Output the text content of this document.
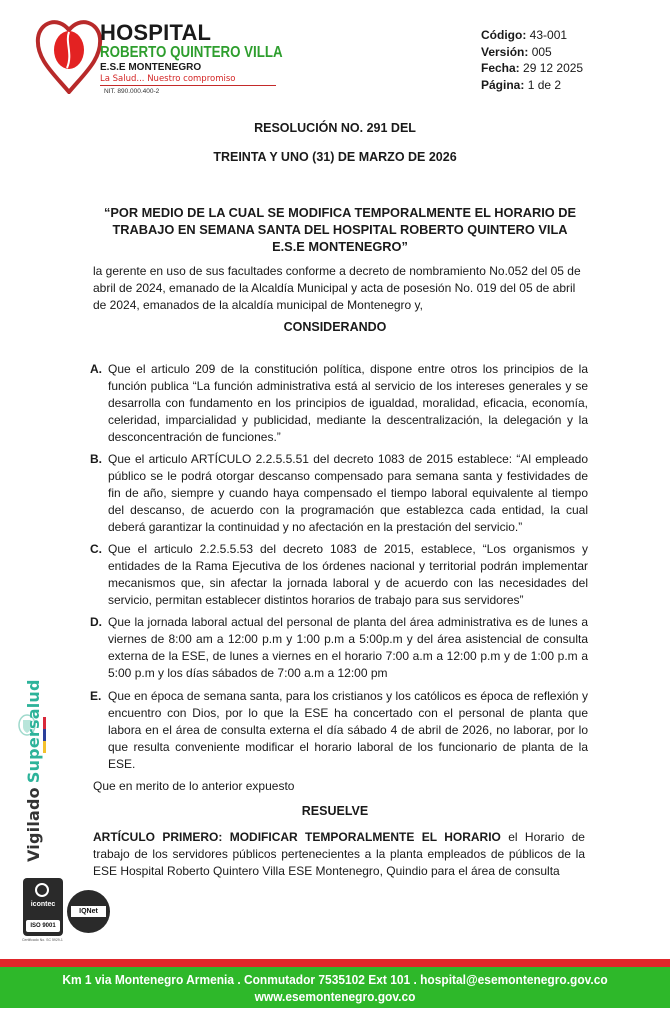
HOSPITAL
ROBERTO QUINTERO VILLA
E.S.E MONTENEGRO
La Salud... Nuestro compromiso
NIT. 890.000.400-2
Código: 43-001
Versión: 005
Fecha: 29 12 2025
Página: 1 de 2
RESOLUCIÓN NO. 291 DEL
TREINTA Y UNO (31) DE MARZO DE 2026
“POR MEDIO DE LA CUAL SE MODIFICA TEMPORALMENTE EL HORARIO DE TRABAJO EN SEMANA SANTA DEL HOSPITAL ROBERTO QUINTERO VILA E.S.E MONTENEGRO”
la gerente en uso de sus facultades conforme a decreto de nombramiento No.052 del 05 de abril de 2024, emanado de la Alcaldía Municipal y acta de posesión No. 019 del 05 de abril de 2024, emanados de la alcaldía municipal de Montenegro y,
CONSIDERANDO
A. Que el articulo 209 de la constitución política, dispone entre otros los principios de la función publica “La función administrativa está al servicio de los intereses generales y se desarrolla con fundamento en los principios de igualdad, moralidad, eficacia, economía, celeridad, imparcialidad y publicidad, mediante la descentralización, la delegación y la desconcentración de funciones.”
B. Que el articulo ARTÍCULO 2.2.5.5.51 del decreto 1083 de 2015 establece: “Al empleado público se le podrá otorgar descanso compensado para semana santa y festividades de fin de año, siempre y cuando haya compensado el tiempo laboral equivalente al tiempo del descanso, de acuerdo con la programación que establezca cada entidad, la cual deberá garantizar la continuidad y no afectación en la prestación del servicio.”
C. Que el articulo 2.2.5.5.53 del decreto 1083 de 2015, establece, “Los organismos y entidades de la Rama Ejecutiva de los órdenes nacional y territorial podrán implementar mecanismos que, sin afectar la jornada laboral y de acuerdo con las necesidades del servicio, permitan establecer distintos horarios de trabajo para sus servidores”
D. Que la jornada laboral actual del personal de planta del área administrativa es de lunes a viernes de 8:00 am a 12:00 p.m y 1:00 p.m a 5:00p.m y del área asistencial de consulta externa de la ESE, de lunes a viernes en el horario 7:00 a.m a 12:00 p.m y de 1:00 p.m a 5:00 p.m y los días sábados de 7:00 a.m a 12:00 pm
E. Que en época de semana santa, para los cristianos y los católicos es época de reflexión y encuentro con Dios, por lo que la ESE ha concertado con el personal de planta que labora en el área de consulta externa el día sábado 4 de abril de 2026, no laborar, por lo que resulta conveniente modificar el horario laboral de los funcionario de planta de la ESE.
Que en merito de lo anterior expuesto
RESUELVE
ARTÍCULO PRIMERO: MODIFICAR TEMPORALMENTE EL HORARIO el Horario de trabajo de los servidores públicos pertenecientes a la planta empleados de públicos de la ESE Hospital Roberto Quintero Villa ESE Montenegro, Quindio para el área de consulta
VigiladoSupersalud
icontec
ISO 9001
Certificado No. SC 5929-1
IQNet
Km 1 via Montenegro Armenia . Conmutador 7535102 Ext 101 . hospital@esemontenegro.gov.co
www.esemontenegro.gov.co
